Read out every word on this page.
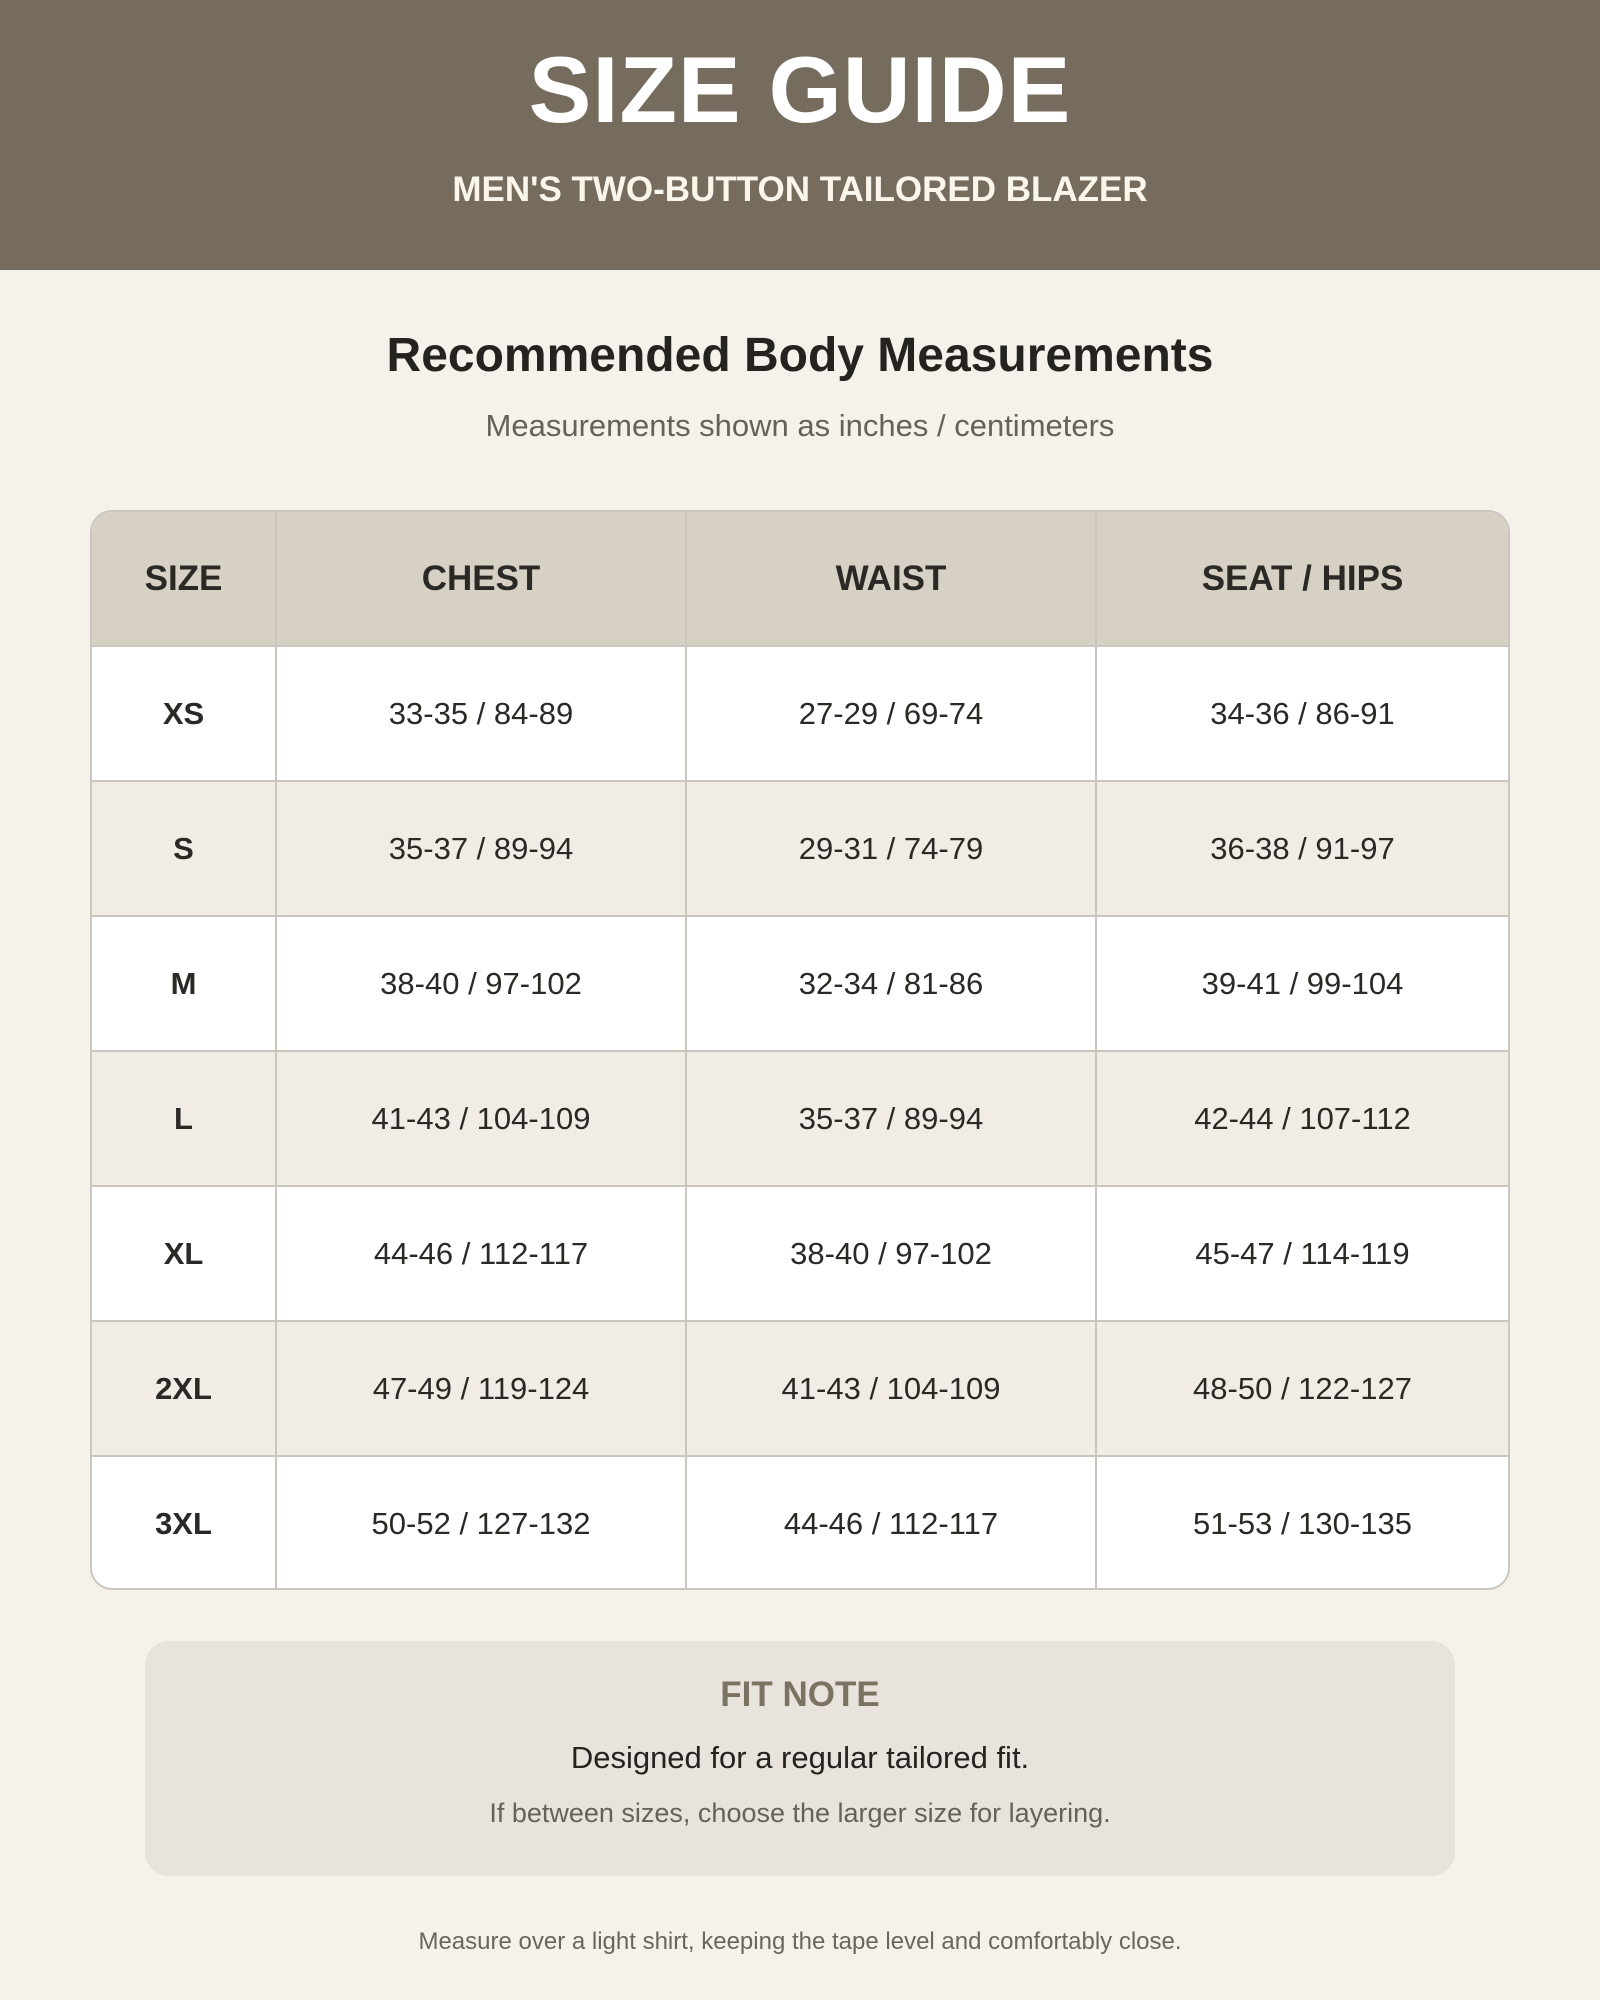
SIZE GUIDE
MEN'S TWO-BUTTON TAILORED BLAZER
Recommended Body Measurements
Measurements shown as inches / centimeters
SIZE	CHEST	WAIST	SEAT / HIPS
XS	33-35 / 84-89	27-29 / 69-74	34-36 / 86-91
S	35-37 / 89-94	29-31 / 74-79	36-38 / 91-97
M	38-40 / 97-102	32-34 / 81-86	39-41 / 99-104
L	41-43 / 104-109	35-37 / 89-94	42-44 / 107-112
XL	44-46 / 112-117	38-40 / 97-102	45-47 / 114-119
2XL	47-49 / 119-124	41-43 / 104-109	48-50 / 122-127
3XL	50-52 / 127-132	44-46 / 112-117	51-53 / 130-135
FIT NOTE
Designed for a regular tailored fit.
If between sizes, choose the larger size for layering.
Measure over a light shirt, keeping the tape level and comfortably close.
